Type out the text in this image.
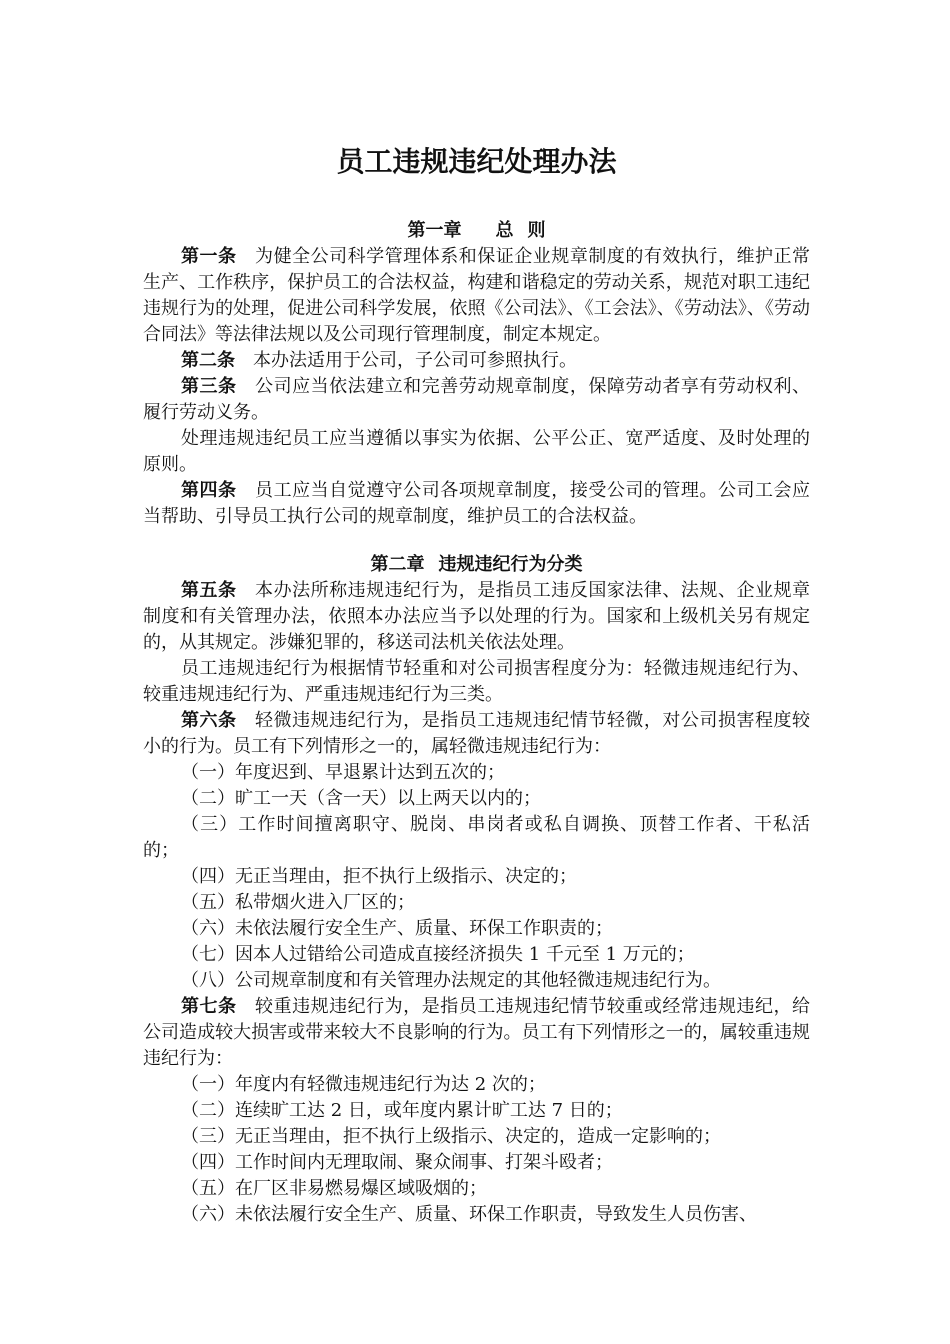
员工违规违纪处理办法
第一章 总 则

第一条 为健全公司科学管理体系和保证企业规章制度的有效执行，维护正常生产、工作秩序，保护员工的合法权益，构建和谐稳定的劳动关系，规范对职工违纪违规行为的处理，促进公司科学发展，依照《公司法》、《工会法》、《劳动法》、《劳动合同法》等法律法规以及公司现行管理制度，制定本规定。

第二条 本办法适用于公司，子公司可参照执行。

第三条 公司应当依法建立和完善劳动规章制度，保障劳动者享有劳动权利、履行劳动义务。

处理违规违纪员工应当遵循以事实为依据、公平公正、宽严适度、及时处理的原则。

第四条 员工应当自觉遵守公司各项规章制度，接受公司的管理。公司工会应当帮助、引导员工执行公司的规章制度，维护员工的合法权益。

第二章 违规违纪行为分类

第五条 本办法所称违规违纪行为，是指员工违反国家法律、法规、企业规章制度和有关管理办法，依照本办法应当予以处理的行为。国家和上级机关另有规定的，从其规定。涉嫌犯罪的，移送司法机关依法处理。

员工违规违纪行为根据情节轻重和对公司损害程度分为：轻微违规违纪行为、较重违规违纪行为、严重违规违纪行为三类。

第六条 轻微违规违纪行为，是指员工违规违纪情节轻微，对公司损害程度较小的行为。员工有下列情形之一的，属轻微违规违纪行为：

（一）年度迟到、早退累计达到五次的；

（二）旷工一天（含一天）以上两天以内的；

（三）工作时间擅离职守、脱岗、串岗者或私自调换、顶替工作者、干私活的；

（四）无正当理由，拒不执行上级指示、决定的；

（五）私带烟火进入厂区的；

（六）未依法履行安全生产、质量、环保工作职责的；

（七）因本人过错给公司造成直接经济损失 1 千元至 1 万元的；

（八）公司规章制度和有关管理办法规定的其他轻微违规违纪行为。

第七条 较重违规违纪行为，是指员工违规违纪情节较重或经常违规违纪，给公司造成较大损害或带来较大不良影响的行为。员工有下列情形之一的，属较重违规违纪行为：

（一）年度内有轻微违规违纪行为达 2 次的；

（二）连续旷工达 2 日，或年度内累计旷工达 7 日的；

（三）无正当理由，拒不执行上级指示、决定的，造成一定影响的；

（四）工作时间内无理取闹、聚众闹事、打架斗殴者；

（五）在厂区非易燃易爆区域吸烟的；

（六）未依法履行安全生产、质量、环保工作职责，导致发生人员伤害、
